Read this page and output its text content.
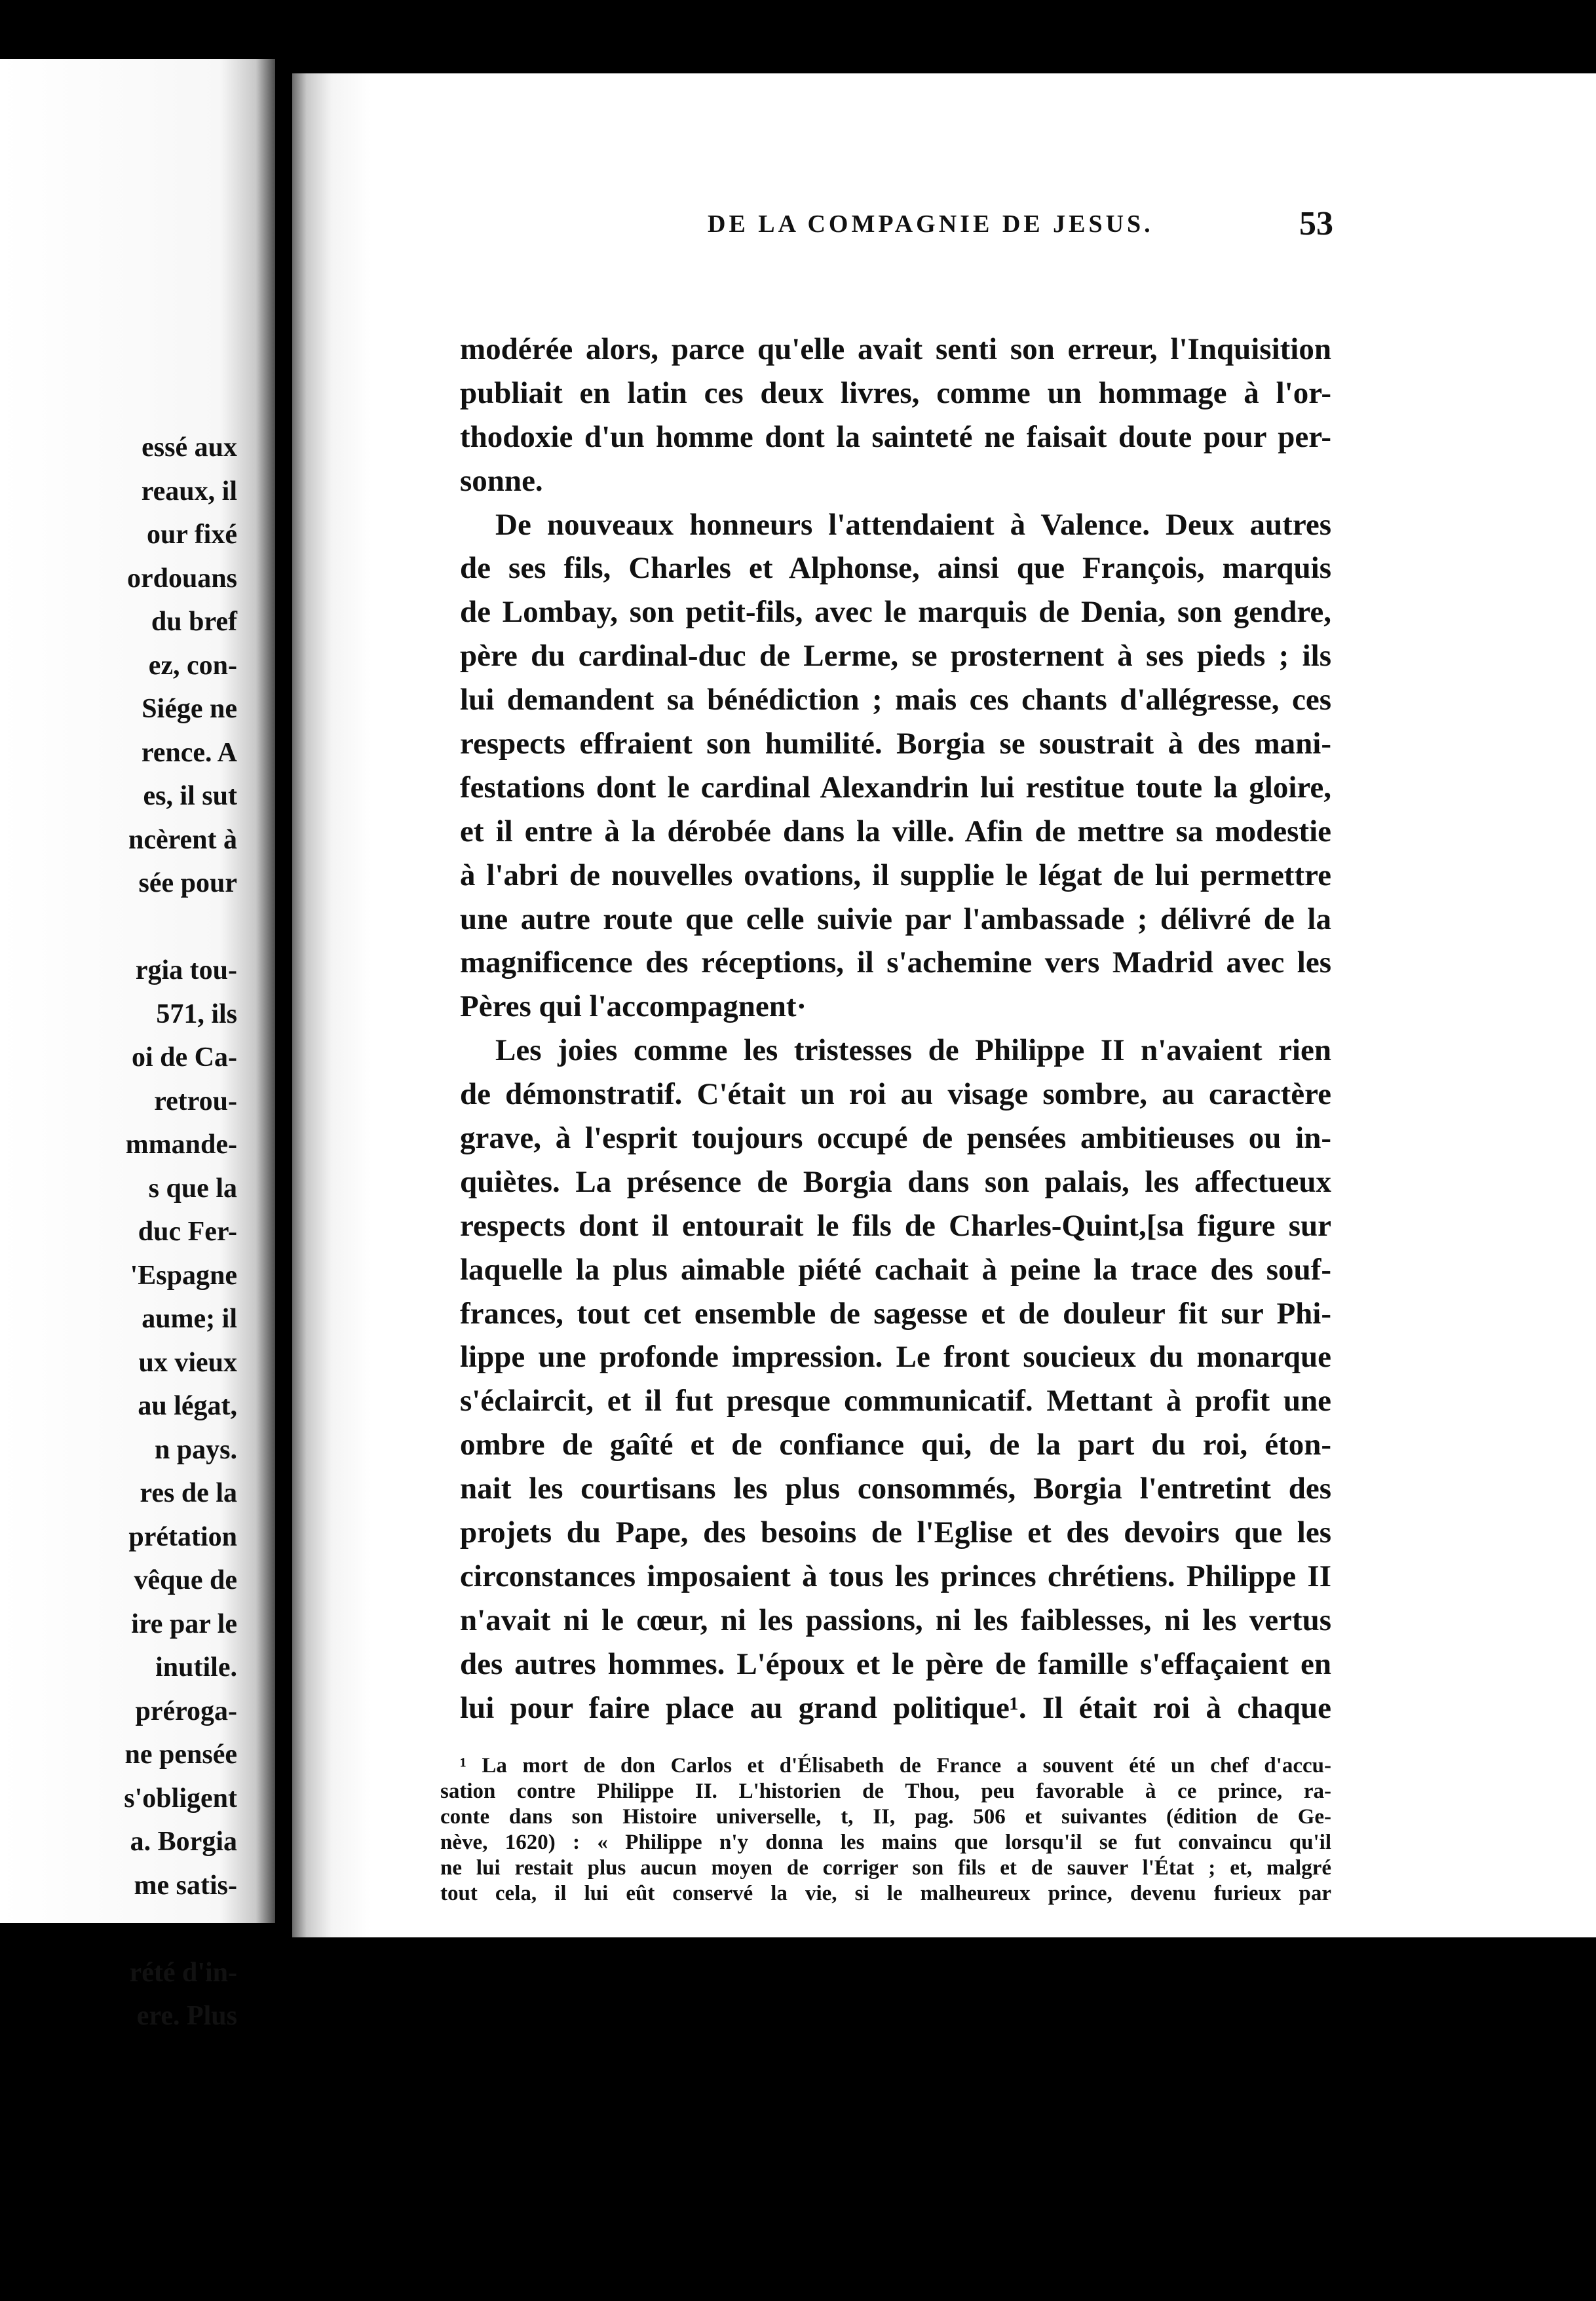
essé aux
reaux, il
our fixé
ordouans
du bref
ez, con-
Siége ne
rence. A
es, il sut
ncèrent à
sée pour
rgia tou-
571, ils
oi de Ca-
retrou-
mmande-
s que la
duc Fer-
'Espagne
aume; il
ux vieux
au légat,
n pays.
res de la
prétation
vêque de
ire par le
inutile.
préroga-
ne pensée
s'obligent
a. Borgia
me satis-
rété d'in-
ere. Plus
DE LA COMPAGNIE DE JESUS.	53
modérée alors, parce qu'elle avait senti son erreur, l'Inquisition
publiait en latin ces deux livres, comme un hommage à l'or-
thodoxie d'un homme dont la sainteté ne faisait doute pour per-
sonne.
De nouveaux honneurs l'attendaient à Valence. Deux autres
de ses fils, Charles et Alphonse, ainsi que François, marquis
de Lombay, son petit-fils, avec le marquis de Denia, son gendre,
père du cardinal-duc de Lerme, se prosternent à ses pieds ; ils
lui demandent sa bénédiction ; mais ces chants d'allégresse, ces
respects effraient son humilité. Borgia se soustrait à des mani-
festations dont le cardinal Alexandrin lui restitue toute la gloire,
et il entre à la dérobée dans la ville. Afin de mettre sa modestie
à l'abri de nouvelles ovations, il supplie le légat de lui permettre
une autre route que celle suivie par l'ambassade ; délivré de la
magnificence des réceptions, il s'achemine vers Madrid avec les
Pères qui l'accompagnent·
Les joies comme les tristesses de Philippe II n'avaient rien
de démonstratif. C'était un roi au visage sombre, au caractère
grave, à l'esprit toujours occupé de pensées ambitieuses ou in-
quiètes. La présence de Borgia dans son palais, les affectueux
respects dont il entourait le fils de Charles-Quint,[sa figure sur
laquelle la plus aimable piété cachait à peine la trace des souf-
frances, tout cet ensemble de sagesse et de douleur fit sur Phi-
lippe une profonde impression. Le front soucieux du monarque
s'éclaircit, et il fut presque communicatif. Mettant à profit une
ombre de gaîté et de confiance qui, de la part du roi, éton-
nait les courtisans les plus consommés, Borgia l'entretint des
projets du Pape, des besoins de l'Eglise et des devoirs que les
circonstances imposaient à tous les princes chrétiens. Philippe II
n'avait ni le cœur, ni les passions, ni les faiblesses, ni les vertus
des autres hommes. L'époux et le père de famille s'effaçaient en
lui pour faire place au grand politique¹. Il était roi à chaque
¹ La mort de don Carlos et d'Élisabeth de France a souvent été un chef d'accu-
sation contre Philippe II. L'historien de Thou, peu favorable à ce prince, ra-
conte dans son Histoire universelle, t, II, pag. 506 et suivantes (édition de Ge-
nève, 1620) : « Philippe n'y donna les mains que lorsqu'il se fut convaincu qu'il
ne lui restait plus aucun moyen de corriger son fils et de sauver l'État ; et, malgré
tout cela, il lui eût conservé la vie, si le malheureux prince, devenu furieux par
